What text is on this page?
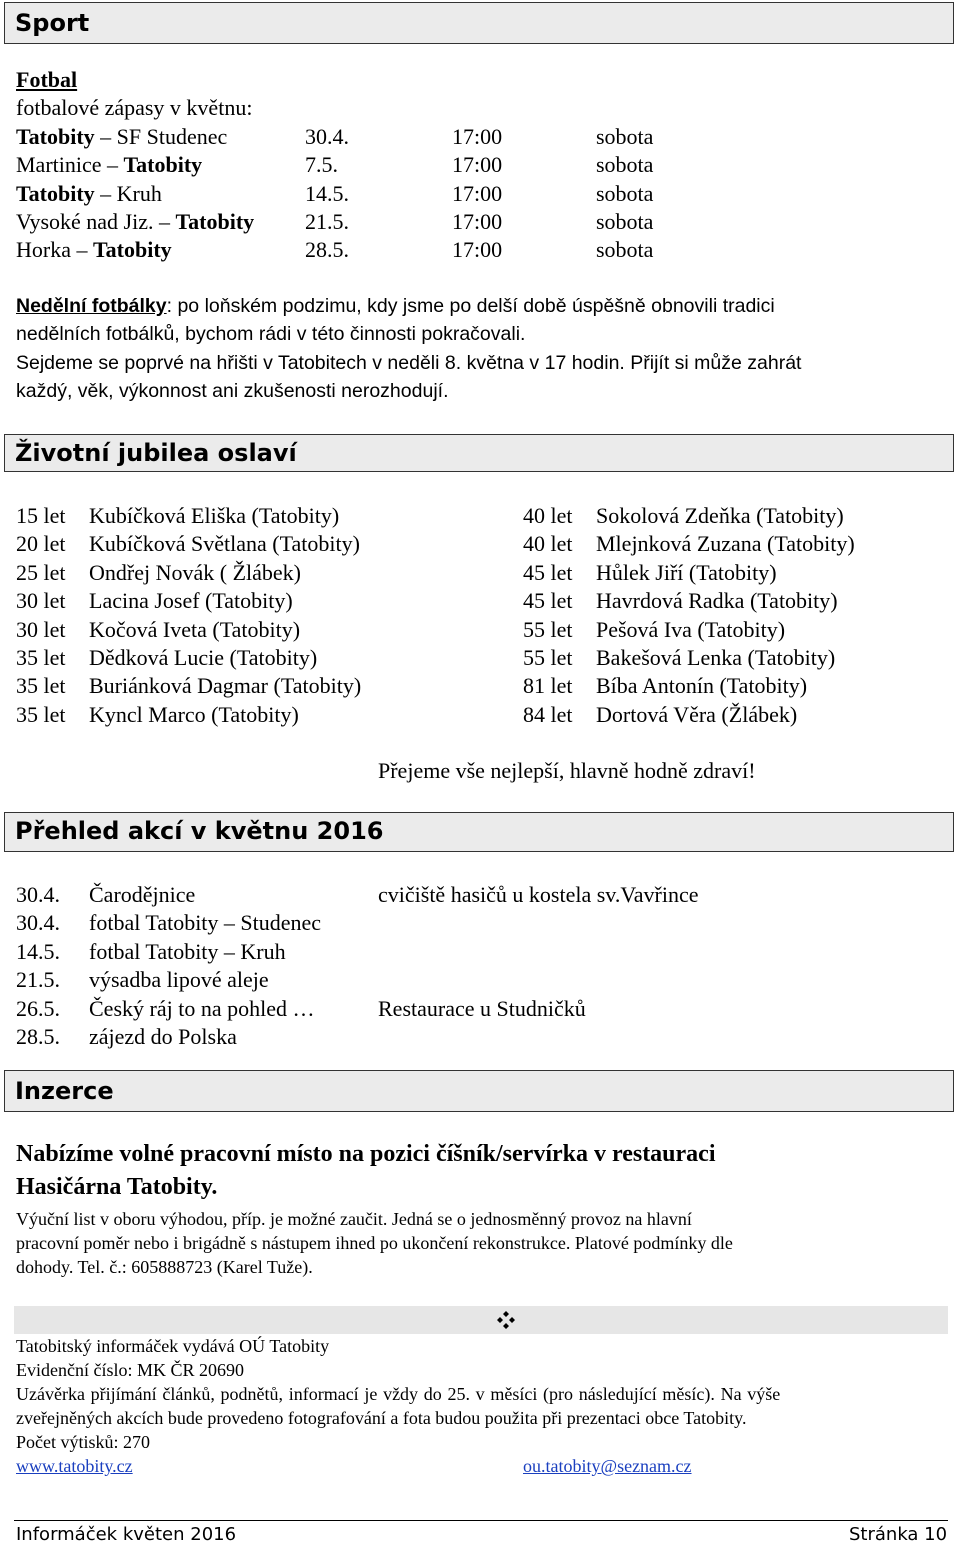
Sport
Fotbal
fotbalové zápasy v květnu:
Tatobity – SF Studenec	30.4.	17:00	sobota
Martinice – Tatobity	7.5.	17:00	sobota
Tatobity – Kruh	14.5.	17:00	sobota
Vysoké nad Jiz. – Tatobity 21.5.	17:00	sobota
Horka – Tatobity	28.5.	17:00	sobota
Nedělní fotbálky: po loňském podzimu, kdy jsme po delší době úspěšně obnovili tradici
nedělních fotbálků, bychom rádi v této činnosti pokračovali.
Sejdeme se poprvé na hřišti v Tatobitech v neděli 8. května v 17 hodin. Přijít si může zahrát
každý, věk, výkonnost ani zkušenosti nerozhodují.
Životní jubilea oslaví
15 let Kubíčková Eliška (Tatobity)
20 let Kubíčková Světlana (Tatobity)
25 let Ondřej Novák ( Žlábek)
30 let Lacina Josef (Tatobity)
30 let Kočová Iveta (Tatobity)
35 let Dědková Lucie (Tatobity)
35 let Buriánková Dagmar (Tatobity)
35 let Kyncl Marco (Tatobity)
40 let Sokolová Zdeňka (Tatobity)
40 let Mlejnková Zuzana (Tatobity)
45 let Hůlek Jiří (Tatobity)
45 let Havrdová Radka (Tatobity)
55 let Pešová Iva (Tatobity)
55 let Bakešová Lenka (Tatobity)
81 let Bíba Antonín (Tatobity)
84 let Dortová Věra (Žlábek)
Přejeme vše nejlepší, hlavně hodně zdraví!
Přehled akcí v květnu 2016
30.4. Čarodějnice	cvičiště hasičů u kostela sv.Vavřince
30.4. fotbal Tatobity – Studenec
14.5. fotbal Tatobity – Kruh
21.5. výsadba lipové aleje
26.5. Český ráj to na pohled …	Restaurace u Studničků
28.5. zájezd do Polska
Inzerce
Nabízíme volné pracovní místo na pozici číšník/servírka v restauraci
Hasičárna Tatobity.
Výuční list v oboru výhodou, příp. je možné zaučit. Jedná se o jednosměnný provoz na hlavní
pracovní poměr nebo i brigádně s nástupem ihned po ukončení rekonstrukce. Platové podmínky dle
dohody. Tel. č.: 605888723 (Karel Tuže).
Tatobitský informáček vydává OÚ Tatobity
Evidenční číslo: MK ČR 20690
Uzávěrka přijímání článků, podnětů, informací je vždy do 25. v měsíci (pro následující měsíc). Na výše
zveřejněných akcích bude provedeno fotografování a fota budou použita při prezentaci obce Tatobity.
Počet výtisků: 270
www.tatobity.cz	ou.tatobity@seznam.cz
Informáček květen 2016	Stránka 10
